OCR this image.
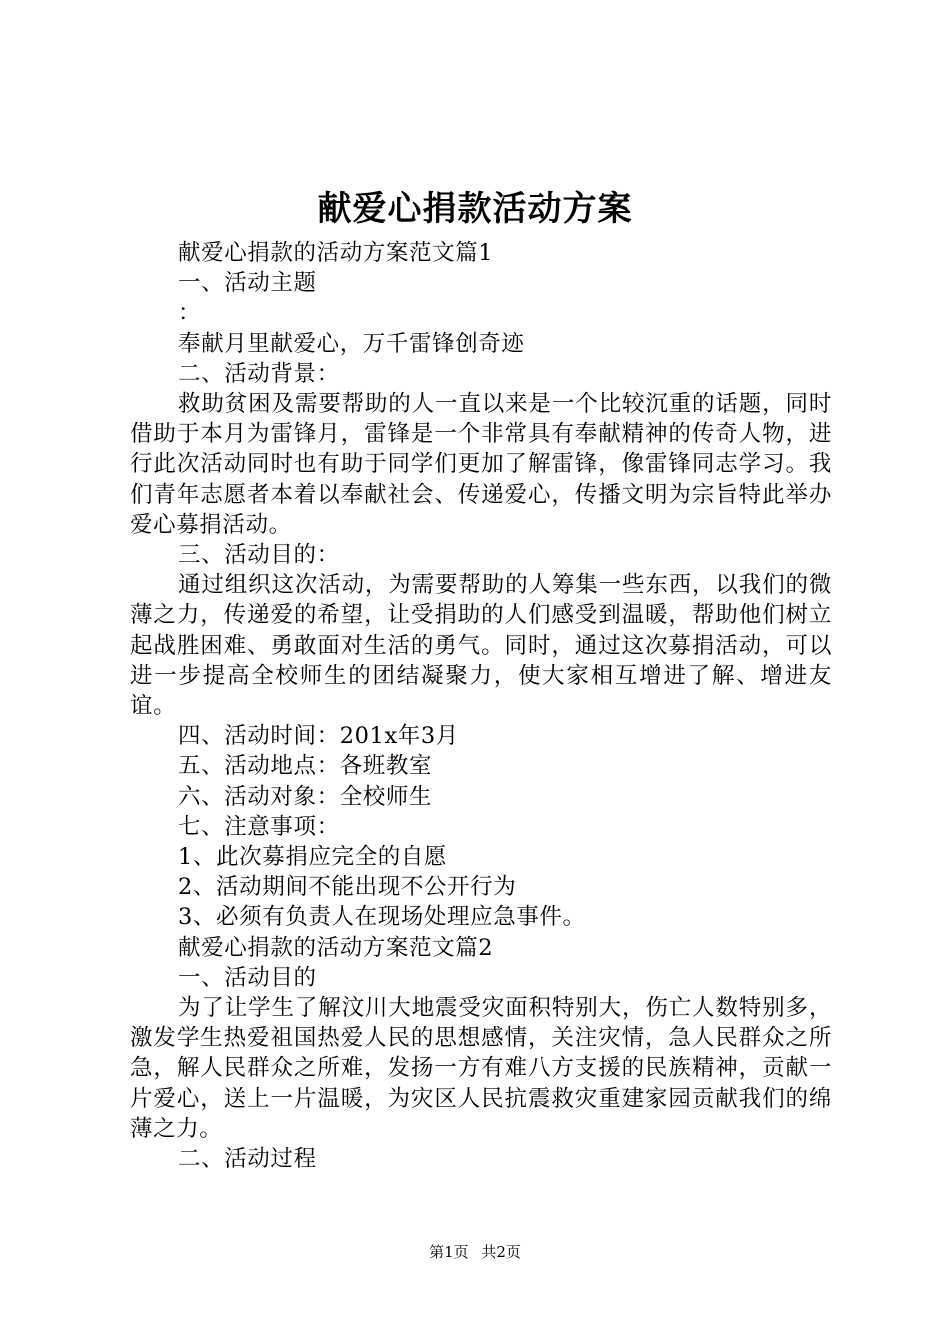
献爱心捐款活动方案
献爱心捐款的活动方案范文篇1
一、活动主题
：
奉献月里献爱心，万千雷锋创奇迹
二、活动背景：
救助贫困及需要帮助的人一直以来是一个比较沉重的话题，同时借助于本月为雷锋月，雷锋是一个非常具有奉献精神的传奇人物，进行此次活动同时也有助于同学们更加了解雷锋，像雷锋同志学习。我们青年志愿者本着以奉献社会、传递爱心，传播文明为宗旨特此举办爱心募捐活动。
三、活动目的：
通过组织这次活动，为需要帮助的人筹集一些东西，以我们的微薄之力，传递爱的希望，让受捐助的人们感受到温暖，帮助他们树立起战胜困难、勇敢面对生活的勇气。同时，通过这次募捐活动，可以进一步提高全校师生的团结凝聚力，使大家相互增进了解、增进友谊。
四、活动时间：201x年3月
五、活动地点：各班教室
六、活动对象：全校师生
七、注意事项：
1、此次募捐应完全的自愿
2、活动期间不能出现不公开行为
3、必须有负责人在现场处理应急事件。
献爱心捐款的活动方案范文篇2
一、活动目的
为了让学生了解汶川大地震受灾面积特别大，伤亡人数特别多，激发学生热爱祖国热爱人民的思想感情，关注灾情，急人民群众之所急，解人民群众之所难，发扬一方有难八方支援的民族精神，贡献一片爱心，送上一片温暖，为灾区人民抗震救灾重建家园贡献我们的绵薄之力。
二、活动过程
第1页 共2页
